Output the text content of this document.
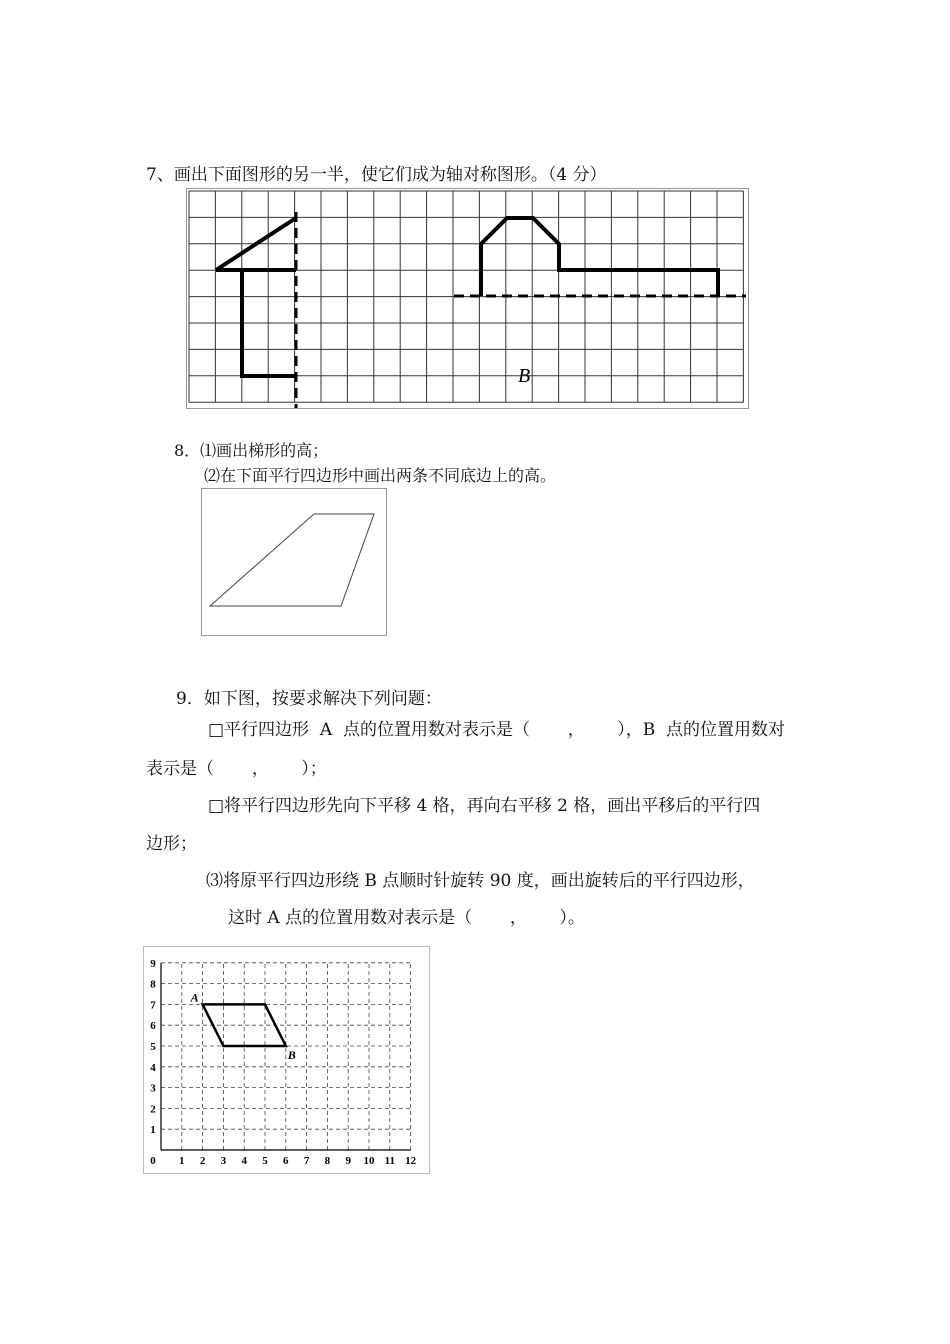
7、画出下面图形的另一半，使它们成为轴对称图形。（4 分）
B
8．⑴画出梯形的高；
⑵在下面平行四边形中画出两条不同底边上的高。
9．如下图，按要求解决下列问题：
□平行四边形  A  点的位置用数对表示是（       ，      ），B  点的位置用数对
表示是（       ，      ）；
□将平行四边形先向下平移 4 格，再向右平移 2 格，画出平移后的平行四
边形；
⑶将原平行四边形绕 B 点顺时针旋转 90 度，画出旋转后的平行四边形，
这时 A 点的位置用数对表示是（       ，      ）。
0 1 2 3 4 5 6 7 8 9 10 11 12
1
2
3
4
5
6
7
8
9
A
B
